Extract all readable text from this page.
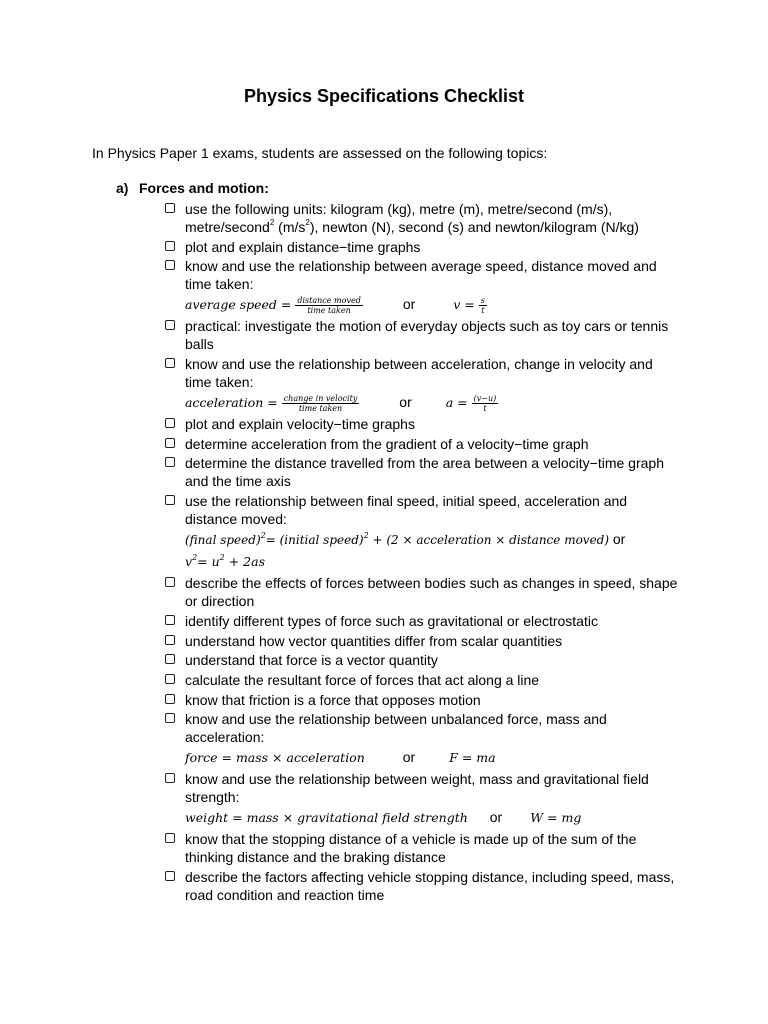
Physics Specifications Checklist
In Physics Paper 1 exams, students are assessed on the following topics:
a) Forces and motion:
use the following units: kilogram (kg), metre (m), metre/second (m/s), metre/second$^2$ $(m/s^2)$, newton (N), second (s) and newton/kilogram (N/kg)
plot and explain distance−time graphs
know and use the relationship between average speed, distance moved and time taken:
average speed = $\frac{\text{distance moved}}{\text{time taken}}$	or	$v = \frac{s}{t}$
practical: investigate the motion of everyday objects such as toy cars or tennis balls
know and use the relationship between acceleration, change in velocity and time taken:
acceleration = $\frac{\text{change in velocity}}{\text{time taken}}$	or	$a = \frac{(v-u)}{t}$
plot and explain velocity−time graphs
determine acceleration from the gradient of a velocity−time graph
determine the distance travelled from the area between a velocity−time graph and the time axis
use the relationship between final speed, initial speed, acceleration and distance moved:
(final speed)$^2$= (initial speed)$^2$ + (2 × acceleration × distance moved) or
$v^2= u^2 + 2as$
describe the effects of forces between bodies such as changes in speed, shape or direction
identify different types of force such as gravitational or electrostatic
understand how vector quantities differ from scalar quantities
understand that force is a vector quantity
calculate the resultant force of forces that act along a line
know that friction is a force that opposes motion
know and use the relationship between unbalanced force, mass and acceleration:
force = mass × acceleration	or	F = ma
know and use the relationship between weight, mass and gravitational field strength:
weight = mass × gravitational field strength or W = mg
know that the stopping distance of a vehicle is made up of the sum of the thinking distance and the braking distance
describe the factors affecting vehicle stopping distance, including speed, mass, road condition and reaction time
